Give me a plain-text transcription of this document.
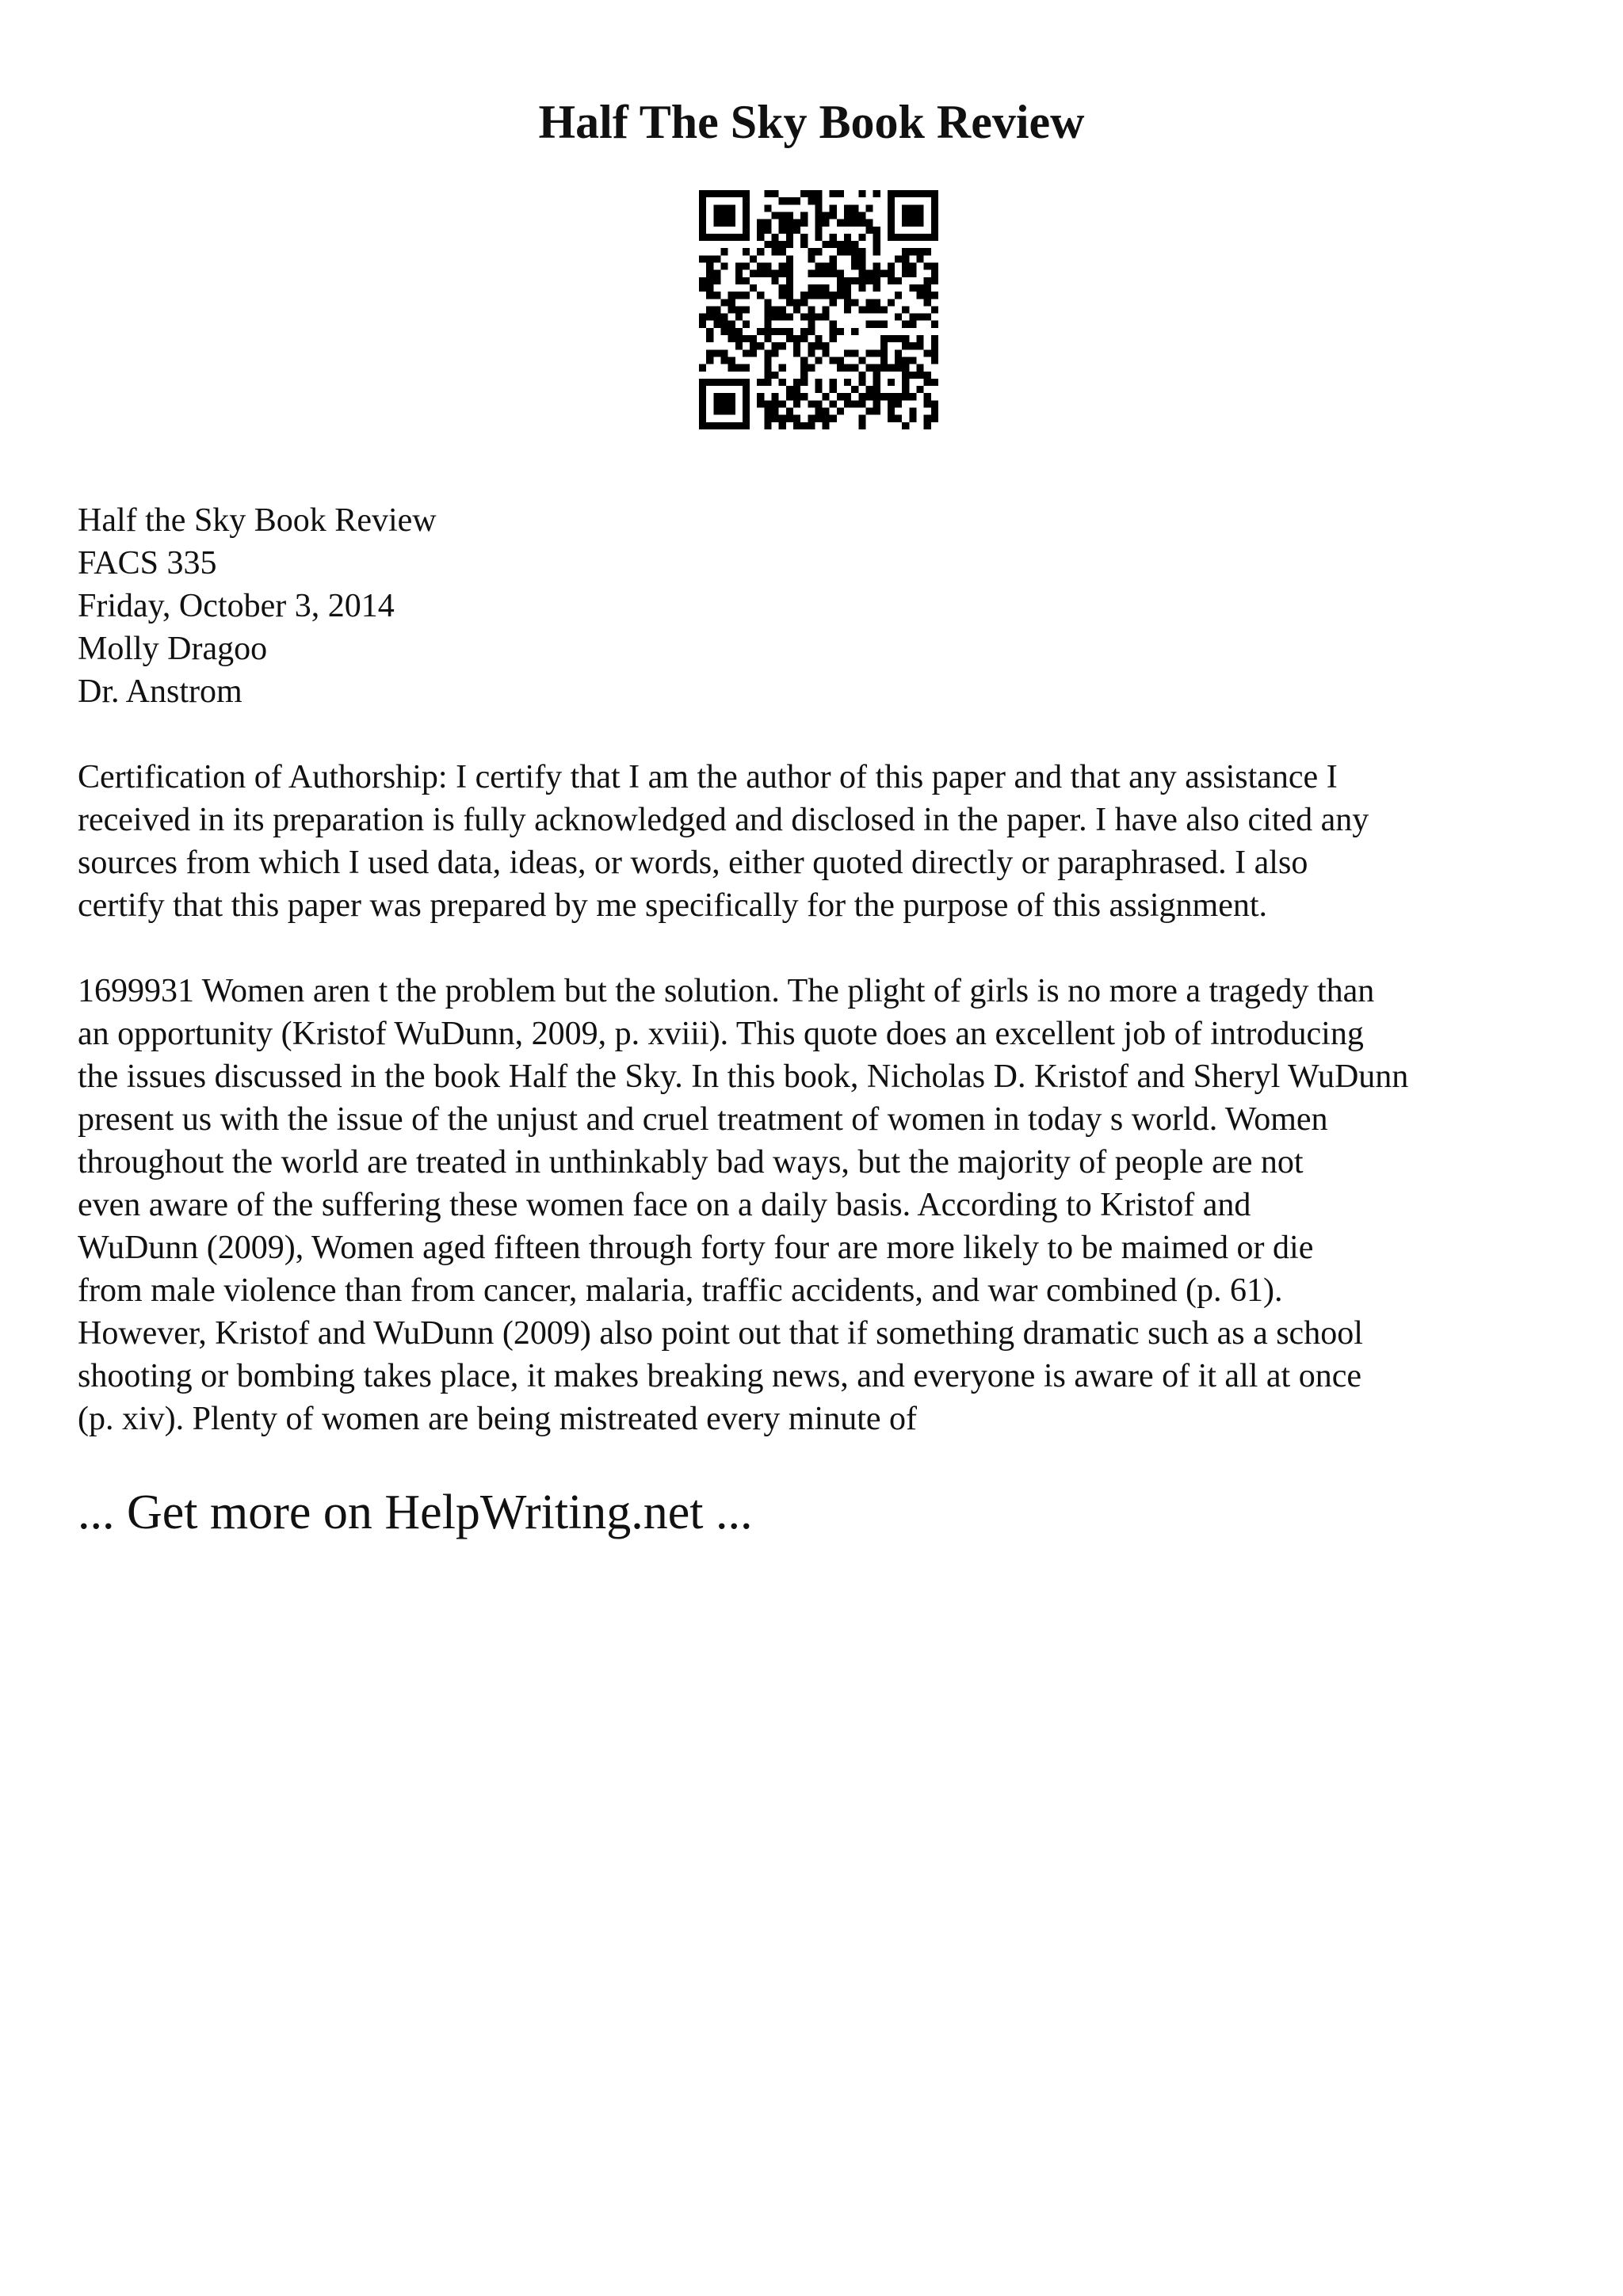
Half The Sky Book Review
Half the Sky Book Review
FACS 335
Friday, October 3, 2014
Molly Dragoo
Dr. Anstrom
Certification of Authorship: I certify that I am the author of this paper and that any assistance I
received in its preparation is fully acknowledged and disclosed in the paper. I have also cited any
sources from which I used data, ideas, or words, either quoted directly or paraphrased. I also
certify that this paper was prepared by me specifically for the purpose of this assignment.
1699931 Women aren t the problem but the solution. The plight of girls is no more a tragedy than
an opportunity (Kristof WuDunn, 2009, p. xviii). This quote does an excellent job of introducing
the issues discussed in the book Half the Sky. In this book, Nicholas D. Kristof and Sheryl WuDunn
present us with the issue of the unjust and cruel treatment of women in today s world. Women
throughout the world are treated in unthinkably bad ways, but the majority of people are not
even aware of the suffering these women face on a daily basis. According to Kristof and
WuDunn (2009), Women aged fifteen through forty four are more likely to be maimed or die
from male violence than from cancer, malaria, traffic accidents, and war combined (p. 61).
However, Kristof and WuDunn (2009) also point out that if something dramatic such as a school
shooting or bombing takes place, it makes breaking news, and everyone is aware of it all at once
(p. xiv). Plenty of women are being mistreated every minute of
... Get more on HelpWriting.net ...
